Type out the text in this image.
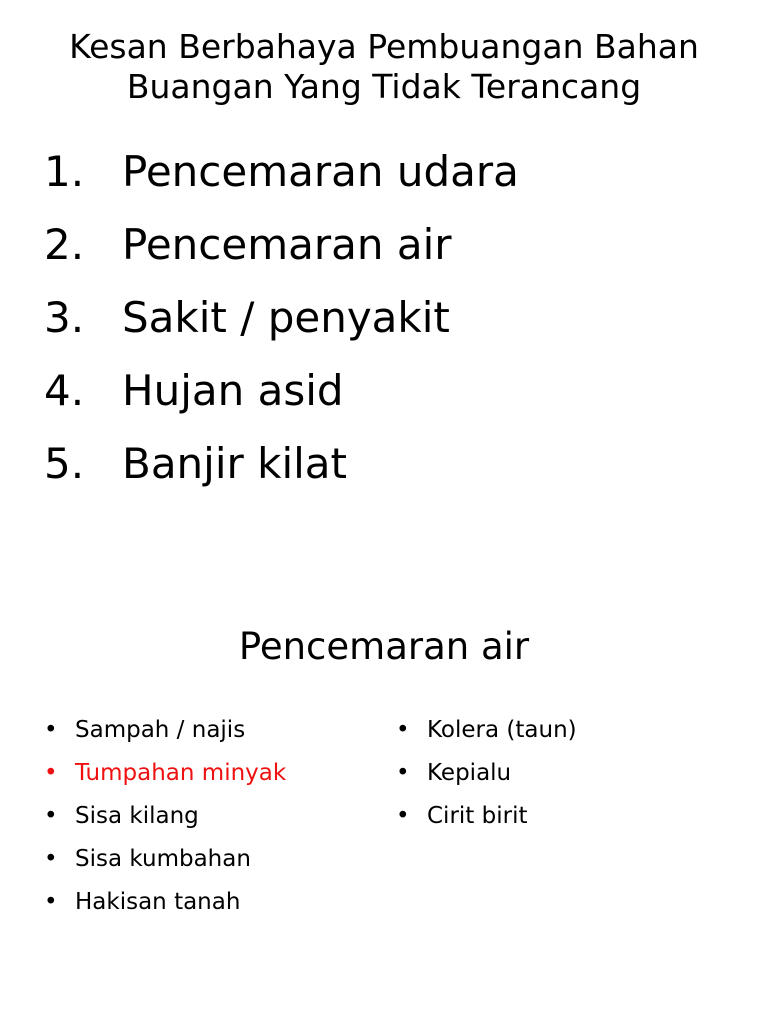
Kesan Berbahaya Pembuangan Bahan
Buangan Yang Tidak Terancang
1. Pencemaran udara
2. Pencemaran air
3. Sakit / penyakit
4. Hujan asid
5. Banjir kilat
Pencemaran air
• Sampah / najis
• Tumpahan minyak
• Sisa kilang
• Sisa kumbahan
• Hakisan tanah
• Kolera (taun)
• Kepialu
• Cirit birit
